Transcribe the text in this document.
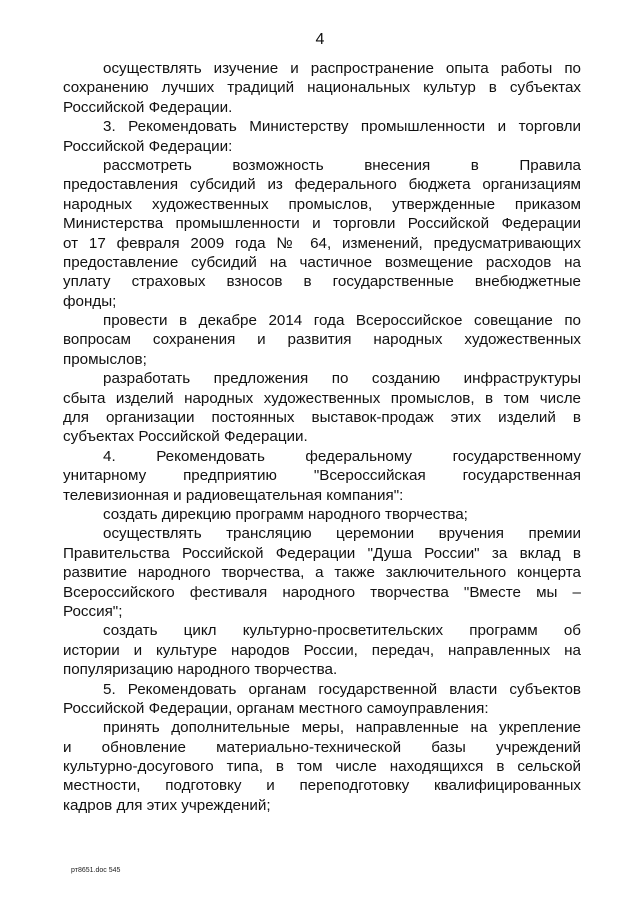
4
осуществлять изучение и распространение опыта работы по
сохранению лучших традиций национальных культур в субъектах
Российской Федерации.
3. Рекомендовать Министерству промышленности и торговли
Российской Федерации:
рассмотреть возможность внесения в Правила
предоставления субсидий из федерального бюджета организациям
народных художественных промыслов, утвержденные приказом
Министерства промышленности и торговли Российской Федерации
от 17 февраля 2009 года № 64, изменений, предусматривающих
предоставление субсидий на частичное возмещение расходов на
уплату страховых взносов в государственные внебюджетные
фонды;
провести в декабре 2014 года Всероссийское совещание по
вопросам сохранения и развития народных художественных
промыслов;
разработать предложения по созданию инфраструктуры
сбыта изделий народных художественных промыслов, в том числе
для организации постоянных выставок-продаж этих изделий в
субъектах Российской Федерации.
4. Рекомендовать федеральному государственному
унитарному предприятию "Всероссийская государственная
телевизионная и радиовещательная компания":
создать дирекцию программ народного творчества;
осуществлять трансляцию церемонии вручения премии
Правительства Российской Федерации "Душа России" за вклад в
развитие народного творчества, а также заключительного концерта
Всероссийского фестиваля народного творчества "Вместе мы –
Россия";
создать цикл культурно-просветительских программ об
истории и культуре народов России, передач, направленных на
популяризацию народного творчества.
5. Рекомендовать органам государственной власти субъектов
Российской Федерации, органам местного самоуправления:
принять дополнительные меры, направленные на укрепление
и обновление материально-технической базы учреждений
культурно-досугового типа, в том числе находящихся в сельской
местности, подготовку и переподготовку квалифицированных
кадров для этих учреждений;
рт8651.doc 545
